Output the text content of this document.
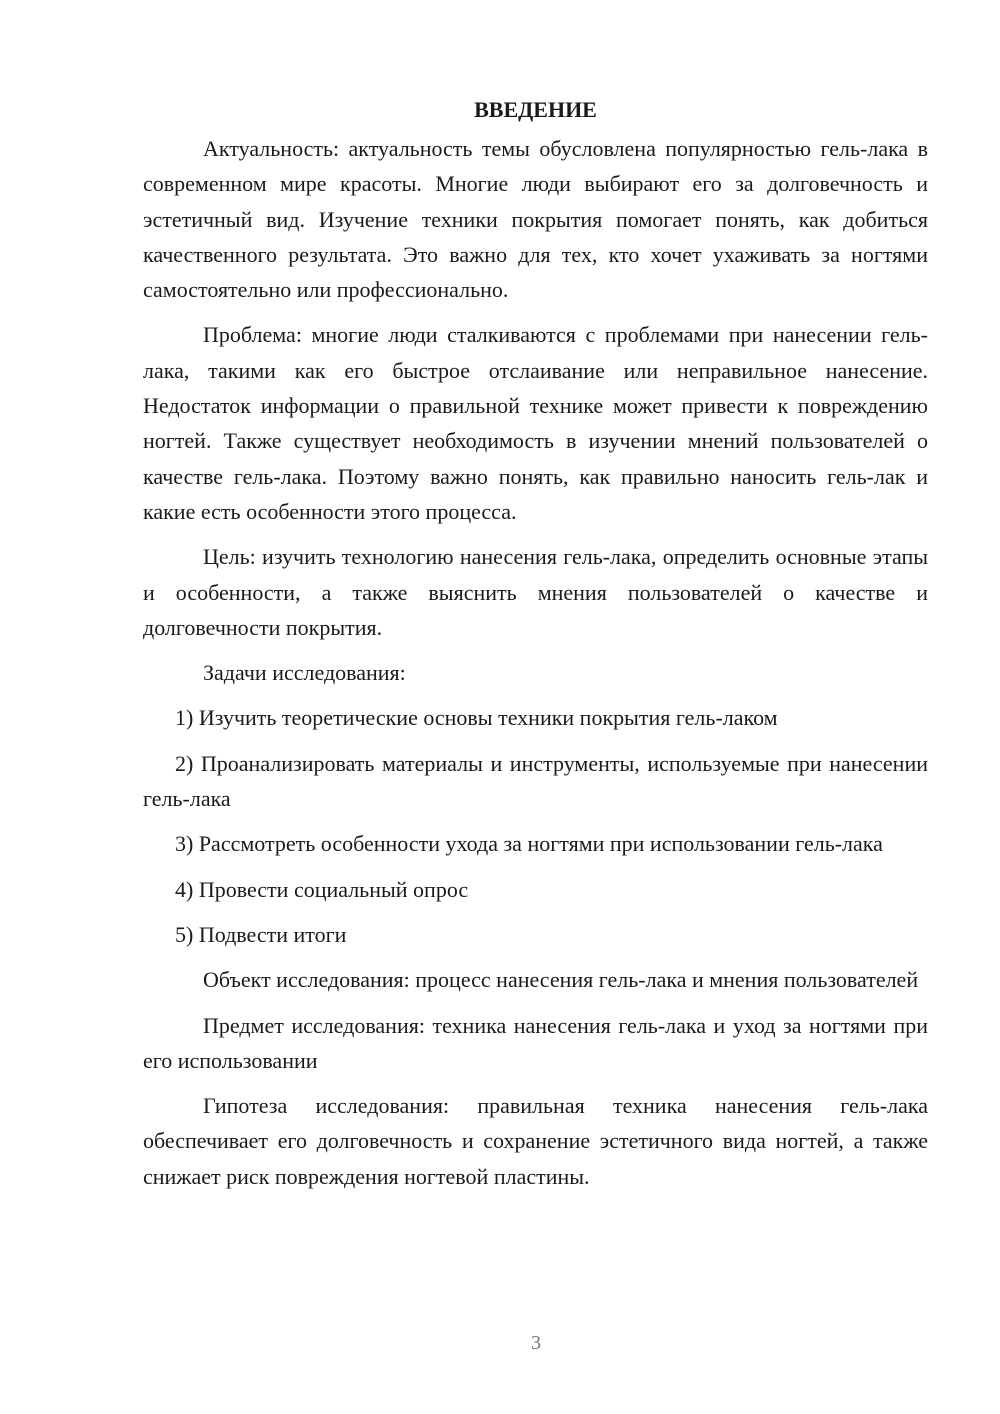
ВВЕДЕНИЕ

Актуальность: актуальность темы обусловлена популярностью гель-лака в современном мире красоты. Многие люди выбирают его за долговечность и эстетичный вид. Изучение техники покрытия помогает понять, как добиться качественного результата. Это важно для тех, кто хочет ухаживать за ногтями самостоятельно или профессионально.

Проблема: многие люди сталкиваются с проблемами при нанесении гель-лака, такими как его быстрое отслаивание или неправильное нанесение. Недостаток информации о правильной технике может привести к повреждению ногтей. Также существует необходимость в изучении мнений пользователей о качестве гель-лака. Поэтому важно понять, как правильно наносить гель-лак и какие есть особенности этого процесса.

Цель: изучить технологию нанесения гель-лака, определить основные этапы и особенности, а также выяснить мнения пользователей о качестве и долговечности покрытия.

Задачи исследования:

1) Изучить теоретические основы техники покрытия гель-лаком

2) Проанализировать материалы и инструменты, используемые при нанесении гель-лака

3) Рассмотреть особенности ухода за ногтями при использовании гель-лака

4) Провести социальный опрос

5) Подвести итоги

Объект исследования: процесс нанесения гель-лака и мнения пользователей

Предмет исследования: техника нанесения гель-лака и уход за ногтями при его использовании

Гипотеза исследования: правильная техника нанесения гель-лака обеспечивает его долговечность и сохранение эстетичного вида ногтей, а также снижает риск повреждения ногтевой пластины.

3
